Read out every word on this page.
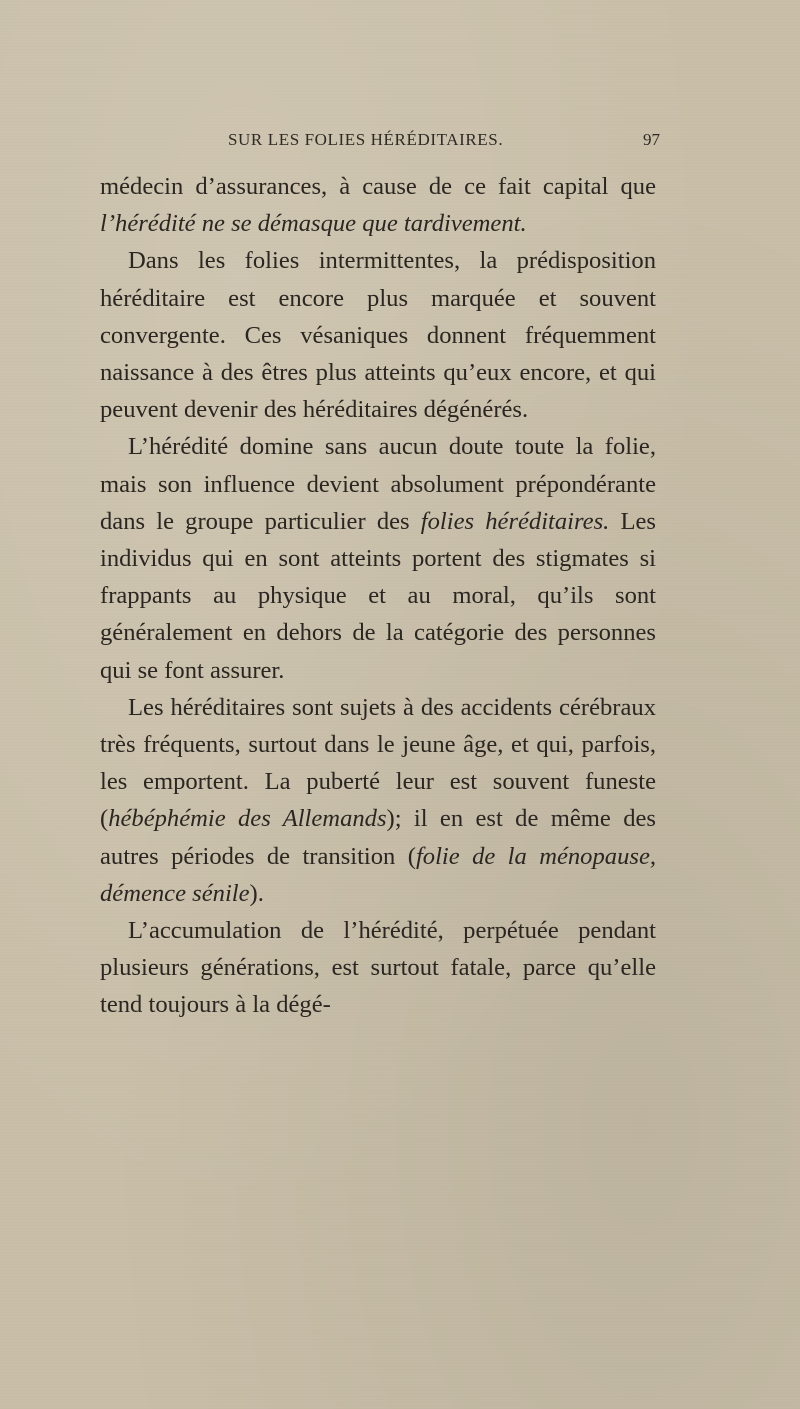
SUR LES FOLIES HÉRÉDITAIRES.	97

médecin d’assurances, à cause de ce fait capital que l’hérédité ne se démasque que tardivement.

Dans les folies intermittentes, la prédisposition héréditaire est encore plus marquée et souvent convergente. Ces vésaniques donnent fréquemment naissance à des êtres plus atteints qu’eux encore, et qui peuvent devenir des héréditaires dégénérés.

L’hérédité domine sans aucun doute toute la folie, mais son influence devient absolument prépondérante dans le groupe particulier des folies héréditaires. Les individus qui en sont atteints portent des stigmates si frappants au physique et au moral, qu’ils sont généralement en dehors de la catégorie des personnes qui se font assurer.

Les héréditaires sont sujets à des accidents cérébraux très fréquents, surtout dans le jeune âge, et qui, parfois, les emportent. La puberté leur est souvent funeste (hébéphémie des Allemands); il en est de même des autres périodes de transition (folie de la ménopause, démence sénile).

L’accumulation de l’hérédité, perpétuée pendant plusieurs générations, est surtout fatale, parce qu’elle tend toujours à la dégé-
